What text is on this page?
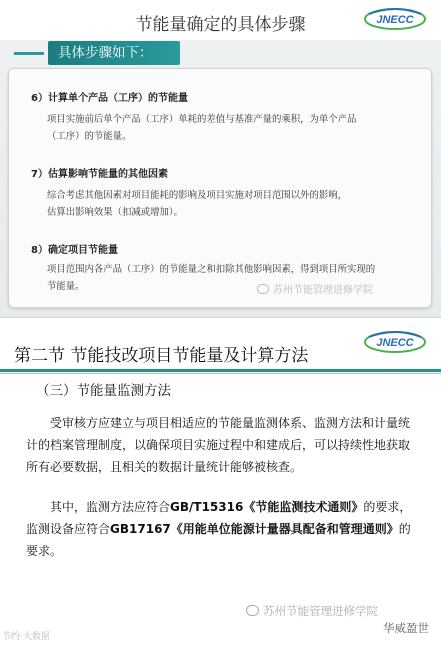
节能量确定的具体步骤	JNECC
具体步骤如下：
6）计算单个产品（工序）的节能量
项目实施前后单个产品（工序）单耗的差值与基准产量的乘积，为单个产品
（工序）的节能量。
7）估算影响节能量的其他因素
综合考虑其他因素对项目能耗的影响及项目实施对项目范围以外的影响，
估算出影响效果（扣减或增加）。
8）确定项目节能量
项目范围内各产品（工序）的节能量之和扣除其他影响因素，得到项目所实现的
节能量。	苏州节能管理进修学院
第二节 节能技改项目节能量及计算方法
JNECC
（三）节能量监测方法
受审核方应建立与项目相适应的节能量监测体系、监测方法和计量统计的档案管理制度，以确保项目实施过程中和建成后，可以持续性地获取所有必要数据，且相关的数据计量统计能够被核查。
其中，监测方法应符合GB/T15316《节能监测技术通则》的要求，监测设备应符合GB17167《用能单位能源计量器具配备和管理通则》的要求。
苏州节能管理进修学院
华威盈世
节约·大数据
